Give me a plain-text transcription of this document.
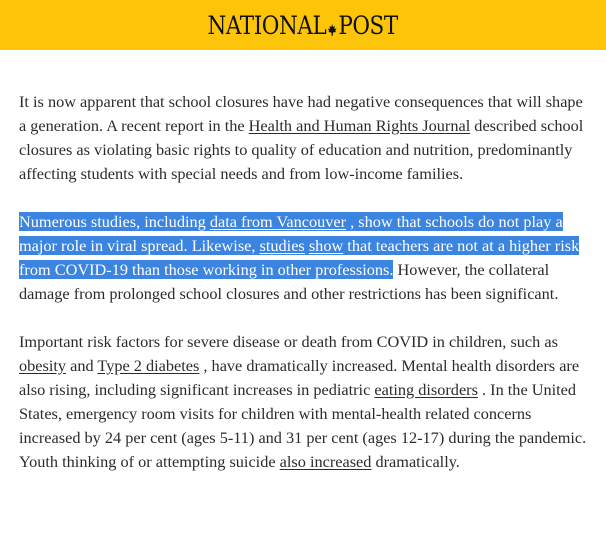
NATIONAL POST

It is now apparent that school closures have had negative consequences that will shape a generation. A recent report in the Health and Human Rights Journal described school closures as violating basic rights to quality of education and nutrition, predominantly affecting students with special needs and from low-income families.

Numerous studies, including data from Vancouver , show that schools do not play a major role in viral spread. Likewise, studies show that teachers are not at a higher risk from COVID-19 than those working in other professions. However, the collateral damage from prolonged school closures and other restrictions has been significant.

Important risk factors for severe disease or death from COVID in children, such as obesity and Type 2 diabetes , have dramatically increased. Mental health disorders are also rising, including significant increases in pediatric eating disorders . In the United States, emergency room visits for children with mental-health related concerns increased by 24 per cent (ages 5-11) and 31 per cent (ages 12-17) during the pandemic. Youth thinking of or attempting suicide also increased dramatically.
